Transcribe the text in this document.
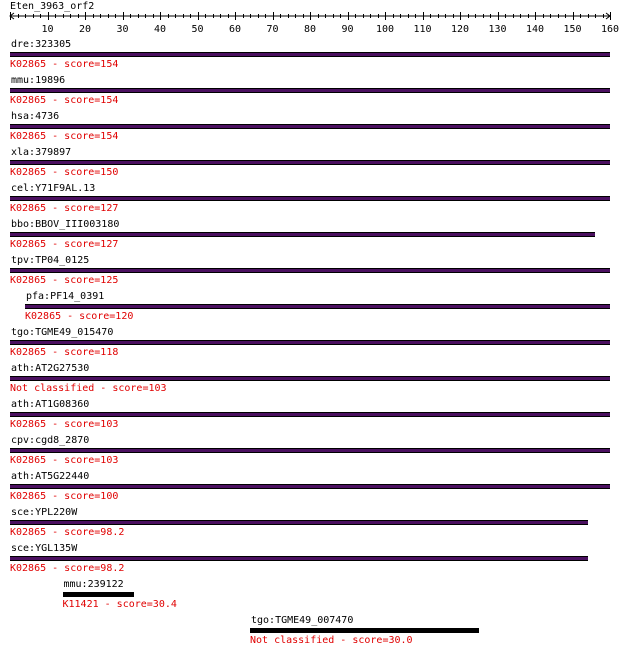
Eten_3963_orf2
10	20	30	40	50	60	70	80	90 100 110 120 130 140 150 160
dre:323305
K02865 - score=154
mmu:19896
K02865 - score=154
hsa:4736
K02865 - score=154
xla:379897
K02865 - score=150
cel:Y71F9AL.13
K02865 - score=127
bbo:BBOV_III003180
K02865 - score=127
tpv:TP04_0125
K02865 - score=125
pfa:PF14_0391
K02865 - score=120
tgo:TGME49_015470
K02865 - score=118
ath:AT2G27530
Not classified - score=103
ath:AT1G08360
K02865 - score=103
cpv:cgd8_2870
K02865 - score=103
ath:AT5G22440
K02865 - score=100
sce:YPL220W
K02865 - score=98.2
sce:YGL135W
K02865 - score=98.2
mmu:239122
K11421 - score=30.4
tgo:TGME49_007470
Not classified - score=30.0
